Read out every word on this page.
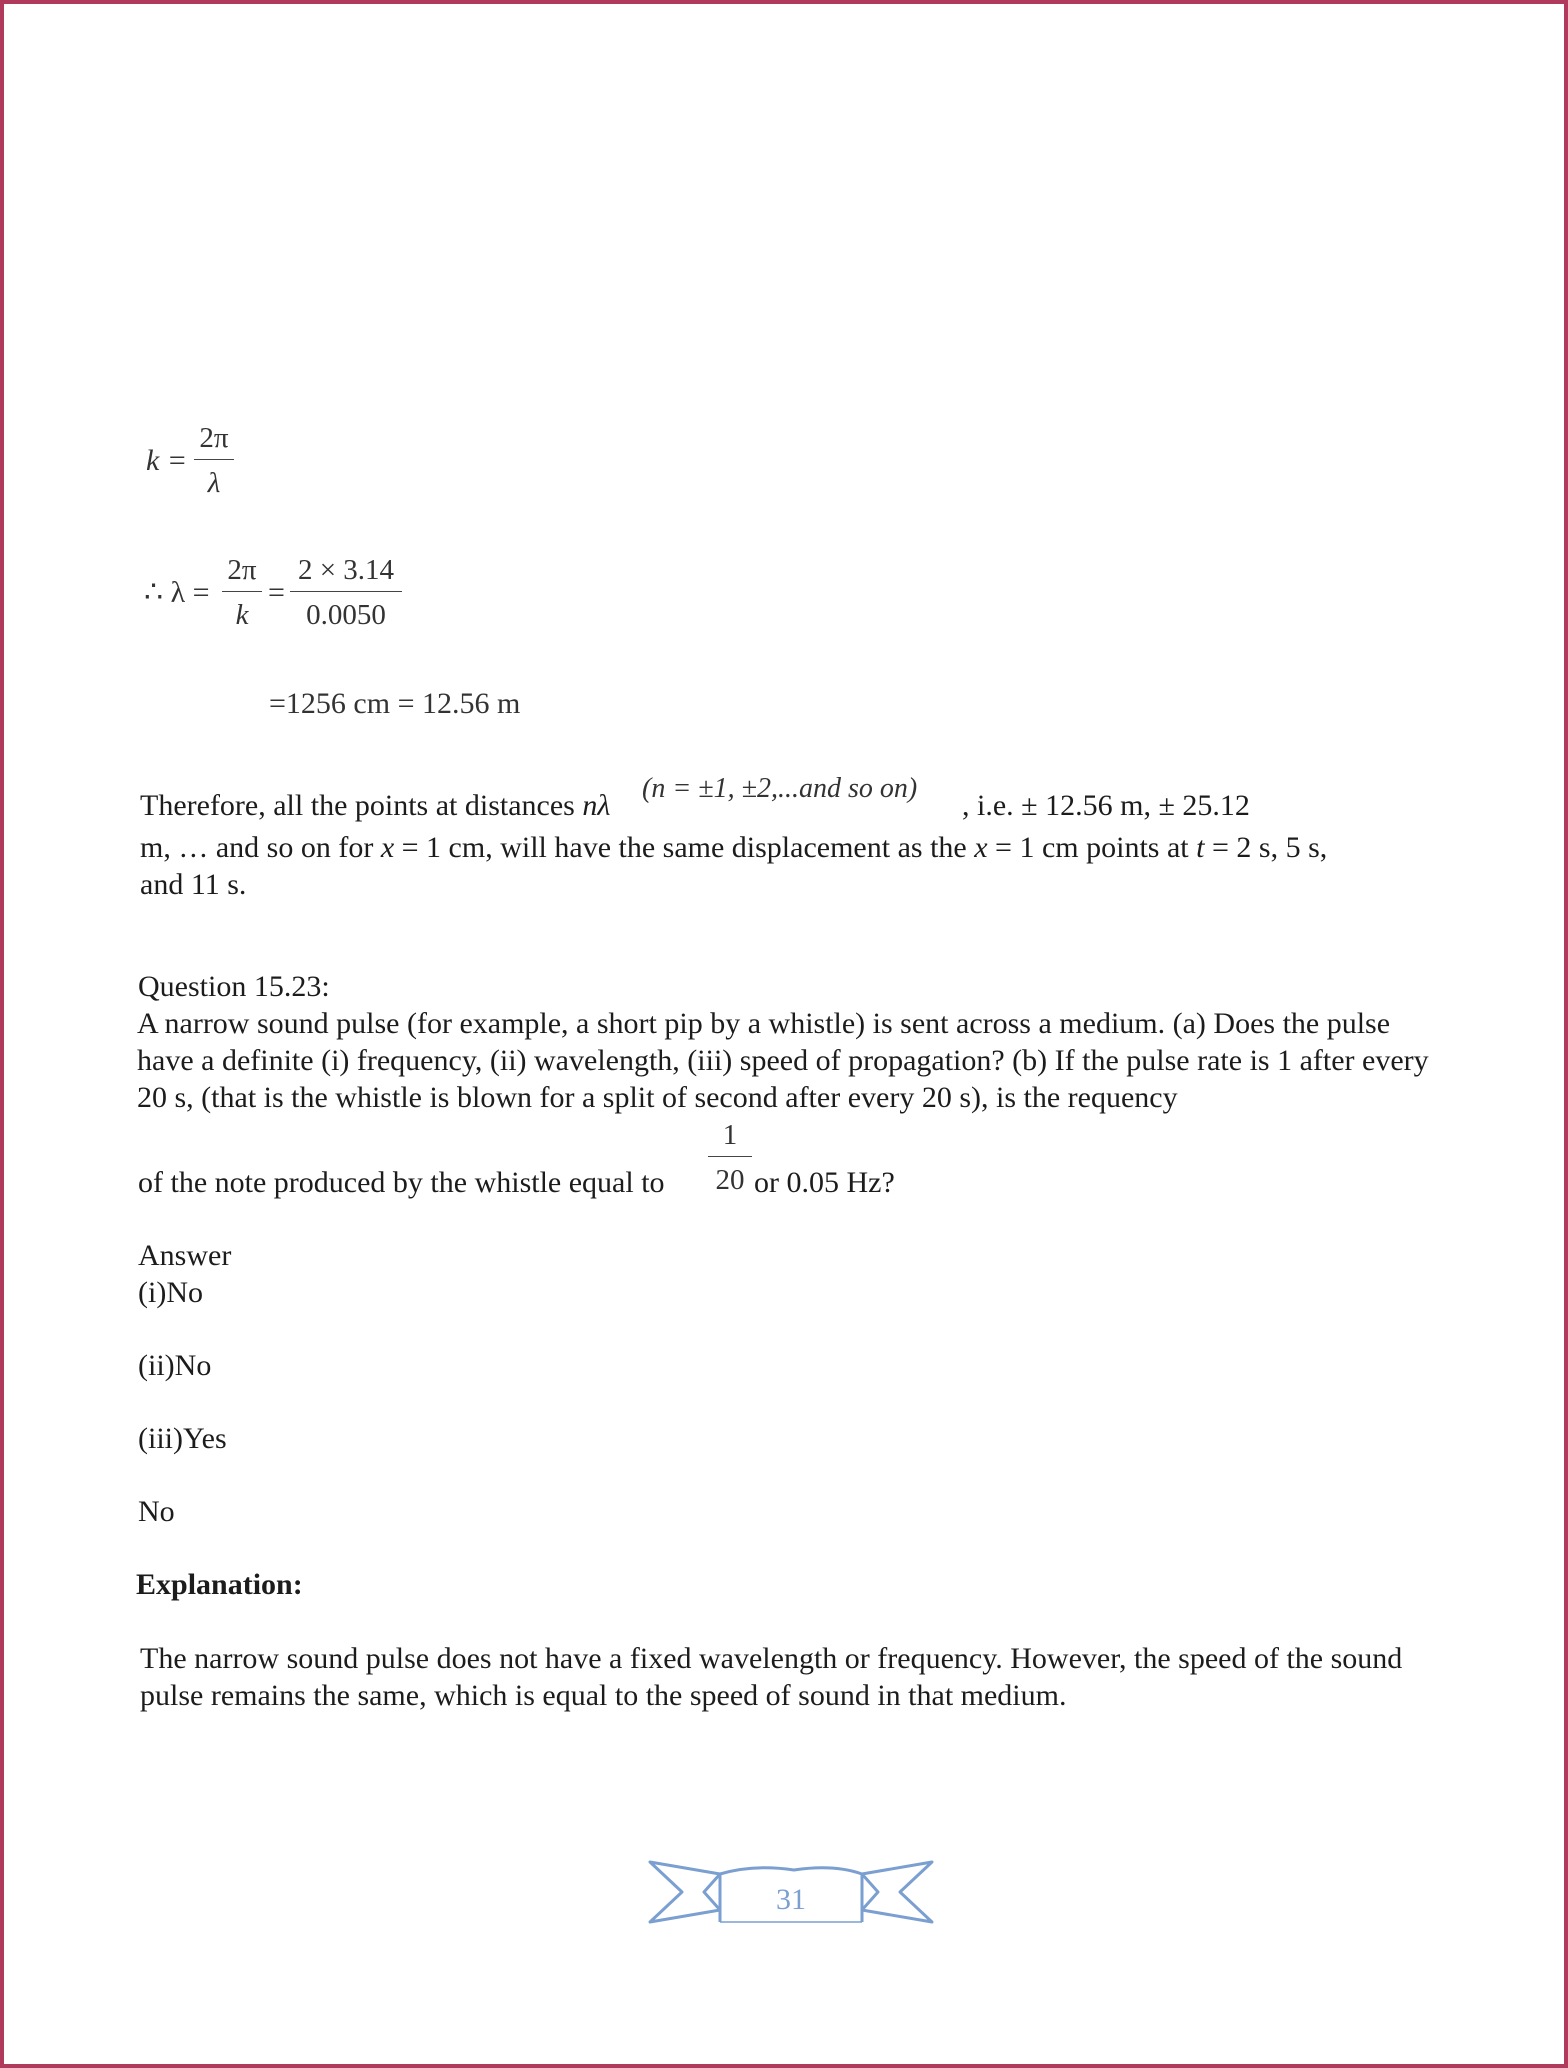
k =
2π
λ
∴ λ =
2π
k
=
2 × 3.14
0.0050
=1256 cm = 12.56 m
Therefore, all the points at distances nλ
(n = ±1, ±2,...and so on)
, i.e. ± 12.56 m, ± 25.12
m, … and so on for x = 1 cm, will have the same displacement as the x = 1 cm points at t = 2 s, 5 s,
and 11 s.
Question 15.23:
A narrow sound pulse (for example, a short pip by a whistle) is sent across a medium. (a) Does the pulse have a definite (i) frequency, (ii) wavelength, (iii) speed of propagation? (b) If the pulse rate is 1 after every 20 s, (that is the whistle is blown for a split of second after every 20 s), is the requency
1
20
of the note produced by the whistle equal to	or 0.05 Hz?
Answer
(i)No
(ii)No
(iii)Yes
No
Explanation:
The narrow sound pulse does not have a fixed wavelength or frequency. However, the speed of the sound pulse remains the same, which is equal to the speed of sound in that medium.
31
